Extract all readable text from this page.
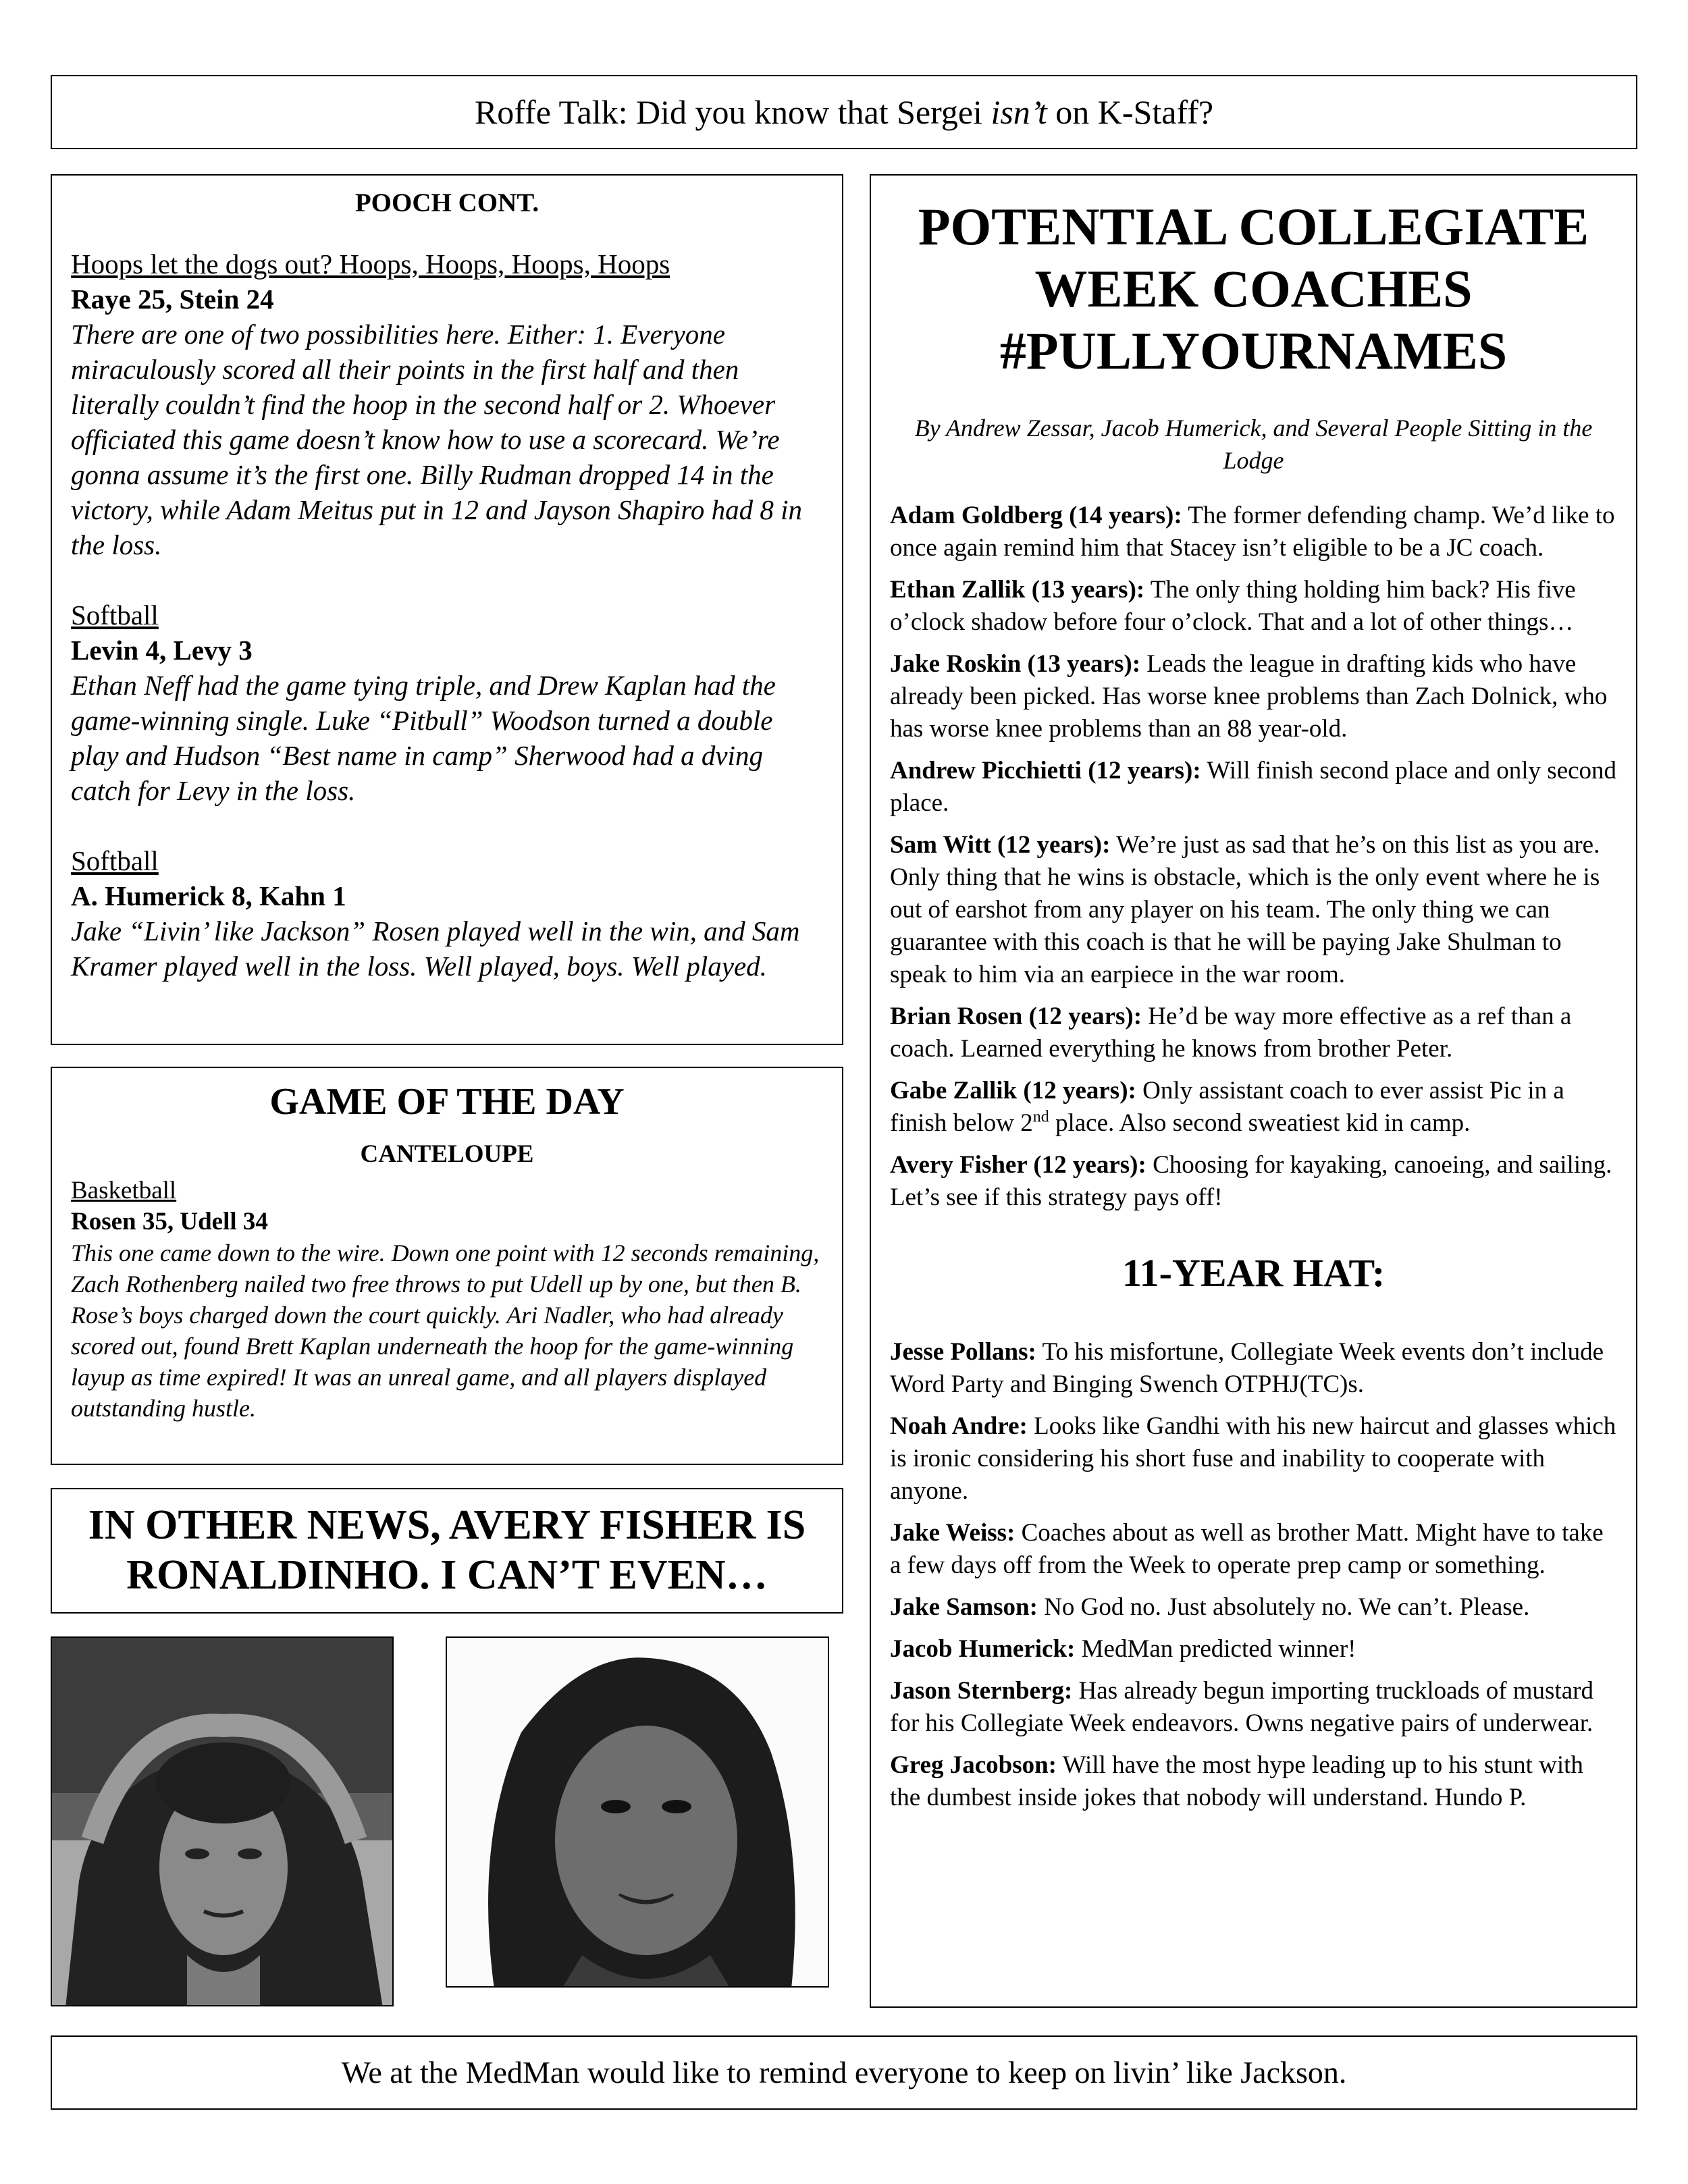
Roffe Talk: Did you know that Sergei isn’t on K-Staff?
POOCH CONT.
Hoops let the dogs out? Hoops, Hoops, Hoops, Hoops
Raye 25, Stein 24
There are one of two possibilities here. Either: 1. Everyone miraculously scored all their points in the first half and then literally couldn’t find the hoop in the second half or 2. Whoever officiated this game doesn’t know how to use a scorecard. We’re gonna assume it’s the first one. Billy Rudman dropped 14 in the victory, while Adam Meitus put in 12 and Jayson Shapiro had 8 in the loss.
Softball
Levin 4, Levy 3
Ethan Neff had the game tying triple, and Drew Kaplan had the game-winning single. Luke “Pitbull” Woodson turned a double play and Hudson “Best name in camp” Sherwood had a dving catch for Levy in the loss.
Softball
A. Humerick 8, Kahn 1
Jake “Livin’ like Jackson” Rosen played well in the win, and Sam Kramer played well in the loss. Well played, boys. Well played.
GAME OF THE DAY
CANTELOUPE
Basketball
Rosen 35, Udell 34
This one came down to the wire. Down one point with 12 seconds remaining, Zach Rothenberg nailed two free throws to put Udell up by one, but then B. Rose’s boys charged down the court quickly. Ari Nadler, who had already scored out, found Brett Kaplan underneath the hoop for the game-winning layup as time expired! It was an unreal game, and all players displayed outstanding hustle.
IN OTHER NEWS, AVERY FISHER IS RONALDINHO. I CAN’T EVEN…
POTENTIAL COLLEGIATE WEEK COACHES #PULLYOURNAMES
By Andrew Zessar, Jacob Humerick, and Several People Sitting in the Lodge
Adam Goldberg (14 years): The former defending champ. We’d like to once again remind him that Stacey isn’t eligible to be a JC coach.
Ethan Zallik (13 years): The only thing holding him back? His five o’clock shadow before four o’clock. That and a lot of other things…
Jake Roskin (13 years): Leads the league in drafting kids who have already been picked. Has worse knee problems than Zach Dolnick, who has worse knee problems than an 88 year-old.
Andrew Picchietti (12 years): Will finish second place and only second place.
Sam Witt (12 years): We’re just as sad that he’s on this list as you are. Only thing that he wins is obstacle, which is the only event where he is out of earshot from any player on his team. The only thing we can guarantee with this coach is that he will be paying Jake Shulman to speak to him via an earpiece in the war room.
Brian Rosen (12 years): He’d be way more effective as a ref than a coach. Learned everything he knows from brother Peter.
Gabe Zallik (12 years): Only assistant coach to ever assist Pic in a finish below 2nd place. Also second sweatiest kid in camp.
Avery Fisher (12 years): Choosing for kayaking, canoeing, and sailing. Let’s see if this strategy pays off!
11-YEAR HAT:
Jesse Pollans: To his misfortune, Collegiate Week events don’t include Word Party and Binging Swench OTPHJ(TC)s.
Noah Andre: Looks like Gandhi with his new haircut and glasses which is ironic considering his short fuse and inability to cooperate with anyone.
Jake Weiss: Coaches about as well as brother Matt. Might have to take a few days off from the Week to operate prep camp or something.
Jake Samson: No God no. Just absolutely no. We can’t. Please.
Jacob Humerick: MedMan predicted winner!
Jason Sternberg: Has already begun importing truckloads of mustard for his Collegiate Week endeavors. Owns negative pairs of underwear.
Greg Jacobson: Will have the most hype leading up to his stunt with the dumbest inside jokes that nobody will understand. Hundo P.
We at the MedMan would like to remind everyone to keep on livin’ like Jackson.
